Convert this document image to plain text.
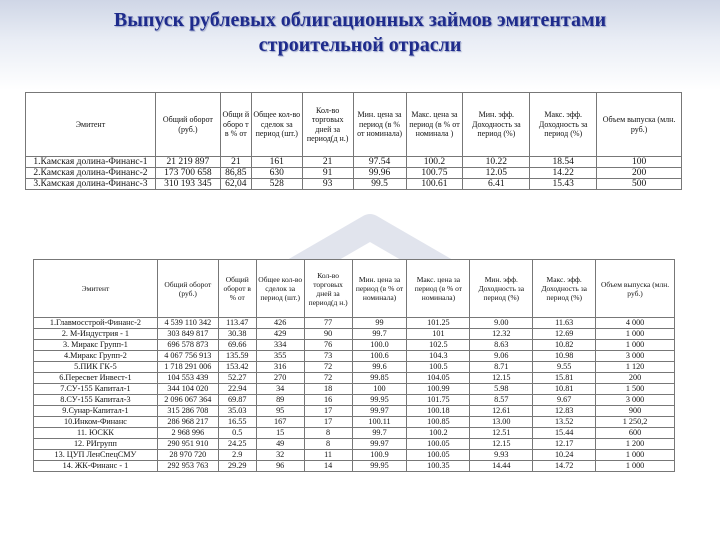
Выпуск рублевых облигационных займов эмитентами
строительной отрасли
Эмитент	Общий оборот (руб.)	Общи й оборо т в % от	Общее кол-во сделок за период (шт.)	Кол-во торговых дней за период(д н.)	Мин. цена за период (в % от номинала)	Макс. цена за период (в % от номинала )	Мин. эфф. Доходность за период (%)	Макс. эфф. Доходность за период (%)	Объем выпуска (млн. руб.)
1.Камская долина-Финанс-1	21 219 897	21	161	21	97.54	100.2	10.22	18.54	100
2.Камская долина-Финанс-2	173 700 658	86,85	630	91	99.96	100.75	12.05	14.22	200
3.Камская долина-Финанс-3	310 193 345	62,04	528	93	99.5	100.61	6.41	15.43	500
Эмитент	Общий оборот (руб.)	Общий оборот в % от	Общее кол-во сделок за период (шт.)	Кол-во торговых дней за период(д н.)	Мин. цена за период (в % от номинала)	Макс. цена за период (в % от номинала)	Мин. эфф. Доходность за период (%)	Макс. эфф. Доходность за период (%)	Объем выпуска (млн. руб.)
1.Главмосстрой-Финанс-2	4 539 110 342	113.47	426	77	99	101.25	9.00	11.63	4 000
2. М-Индустрия - 1	303 849 817	30.38	429	90	99.7	101	12.32	12.69	1 000
3. Миракс Групп-1	696 578 873	69.66	334	76	100.0	102.5	8.63	10.82	1 000
4.Миракс Групп-2	4 067 756 913	135.59	355	73	100.6	104.3	9.06	10.98	3 000
5.ПИК ГК-5	1 718 291 006	153.42	316	72	99.6	100.5	8.71	9.55	1 120
6.Пересвет Инвест-1	104 553 439	52.27	270	72	99.85	104.05	12.15	15.81	200
7.СУ-155 Капитал-1	344 104 020	22.94	34	18	100	100.99	5.98	10.81	1 500
8.СУ-155 Капитал-3	2 096 067 364	69.87	89	16	99.95	101.75	8.57	9.67	3 000
9.Сунар-Капитал-1	315 286 708	35.03	95	17	99.97	100.18	12.61	12.83	900
10.Инком-Финанс	286 968 217	16.55	167	17	100.11	100.85	13.00	13.52	1 250,2
11. ЮСКК	2 968 996	0.5	15	8	99.7	100.2	12.51	15.44	600
12. РИгрупп	290 951 910	24.25	49	8	99.97	100.05	12.15	12.17	1 200
13. ЦУП ЛенСпецСМУ	28 970 720	2.9	32	11	100.9	100.05	9.93	10.24	1 000
14. ЖК-Финанс - 1	292 953 763	29.29	96	14	99.95	100.35	14.44	14.72	1 000
